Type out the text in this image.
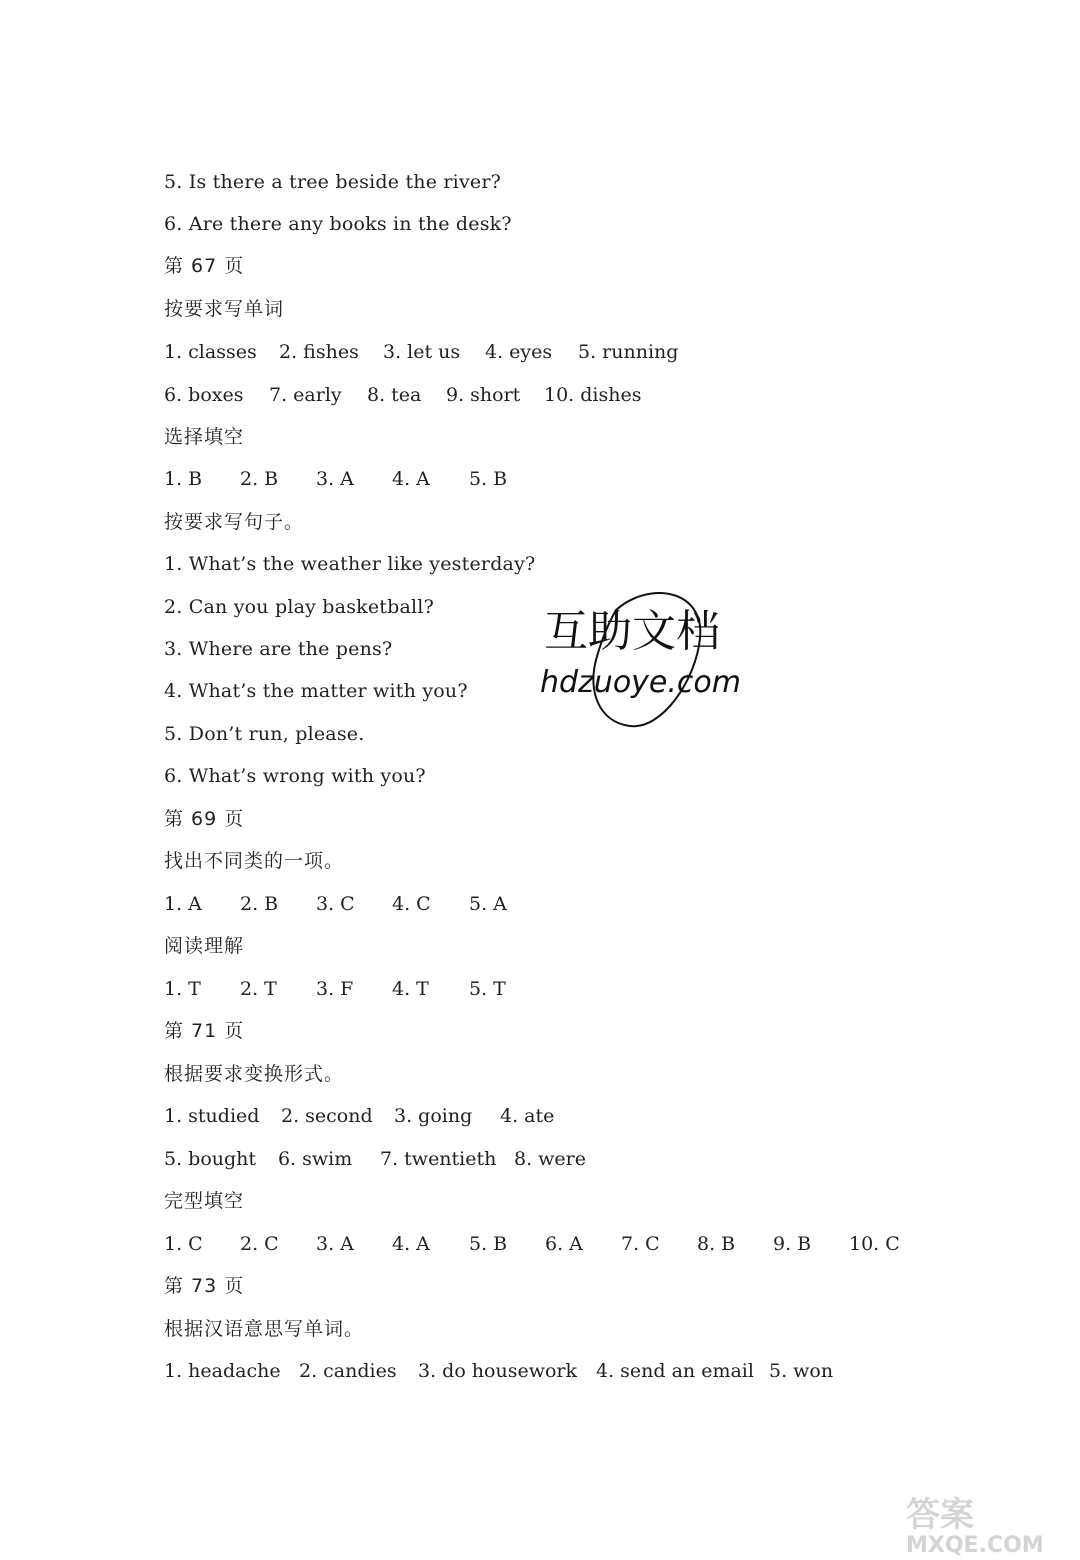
5. Is there a tree beside the river?
6. Are there any books in the desk?
第 67 页
按要求写单词
1. classes 2. fishes 3. let us 4. eyes 5. running
6. boxes 7. early 8. tea 9. short 10. dishes
选择填空
1. B 2. B 3. A 4. A 5. B
按要求写句子。
1. What’s the weather like yesterday?
2. Can you play basketball?
3. Where are the pens?
4. What’s the matter with you?
5. Don’t run, please.
6. What’s wrong with you?
第 69 页
找出不同类的一项。
1. A 2. B 3. C 4. C 5. A
阅读理解
1. T 2. T 3. F 4. T 5. T
第 71 页
根据要求变换形式。
1. studied 2. second 3. going 4. ate
5. bought 6. swim 7. twentieth 8. were
完型填空
1. C 2. C 3. A 4. A 5. B 6. A 7. C 8. B 9. B 10. C
第 73 页
根据汉语意思写单词。
1. headache 2. candies 3. do housework 4. send an email 5. won
互助文档
hdzuoye.com
答案
MXQE.COM
